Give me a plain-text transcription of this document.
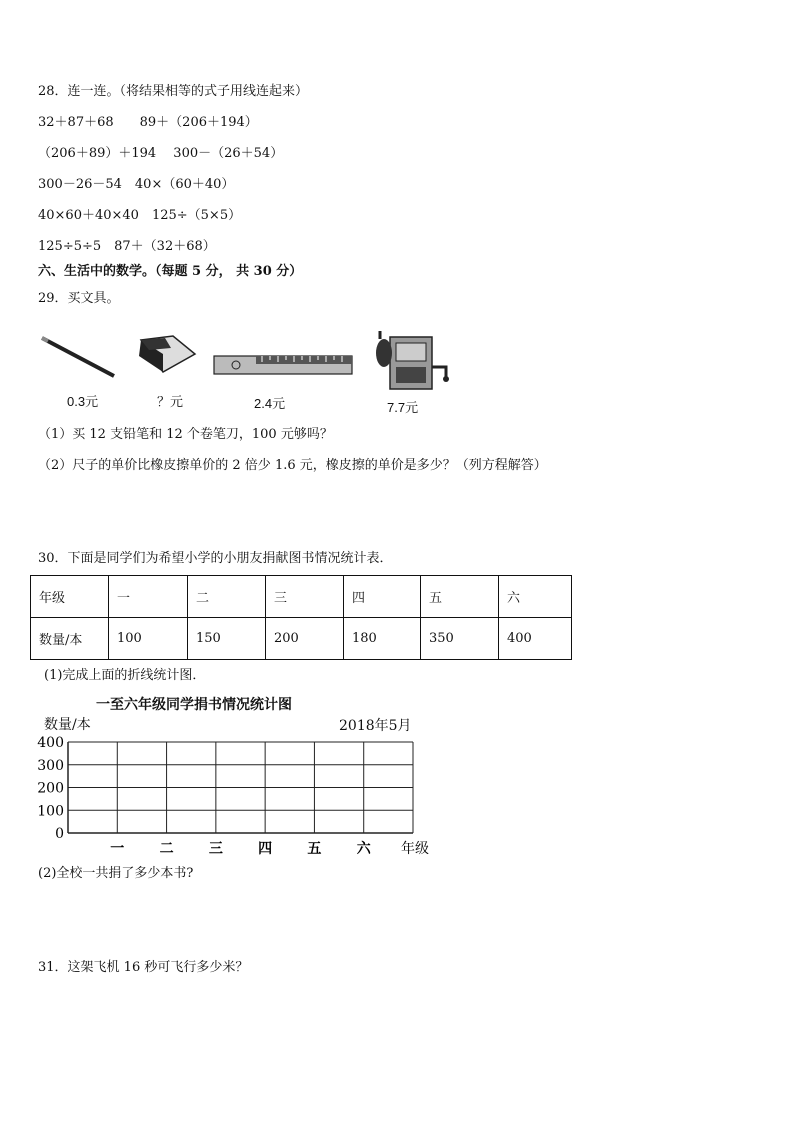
28．连一连。（将结果相等的式子用线连起来）
32＋87＋68　　89＋（206＋194）
（206＋89）＋194　 300－（26＋54）
300－26－54　40×（60＋40）
40×60＋40×40　125÷（5×5）
125÷5÷5　87＋（32＋68）
六、生活中的数学。（每题 5 分， 共 30 分）
29．买文具。
0.3元	？元	2.4元	7.7元
（1）买 12 支铅笔和 12 个卷笔刀，100 元够吗？
（2）尺子的单价比橡皮擦单价的 2 倍少 1.6 元，橡皮擦的单价是多少？（列方程解答）
30．下面是同学们为希望小学的小朋友捐献图书情况统计表．
年级	一	二	三	四	五	六
数量/本	100	150	200	180	350	400
(1)完成上面的折线统计图．
一至六年级同学捐书情况统计图
数量/本	2018年5月
400
300
200
100
0
一	二	三	四	五	六 年级
(2)全校一共捐了多少本书?
31．这架飞机 16 秒可飞行多少米？
